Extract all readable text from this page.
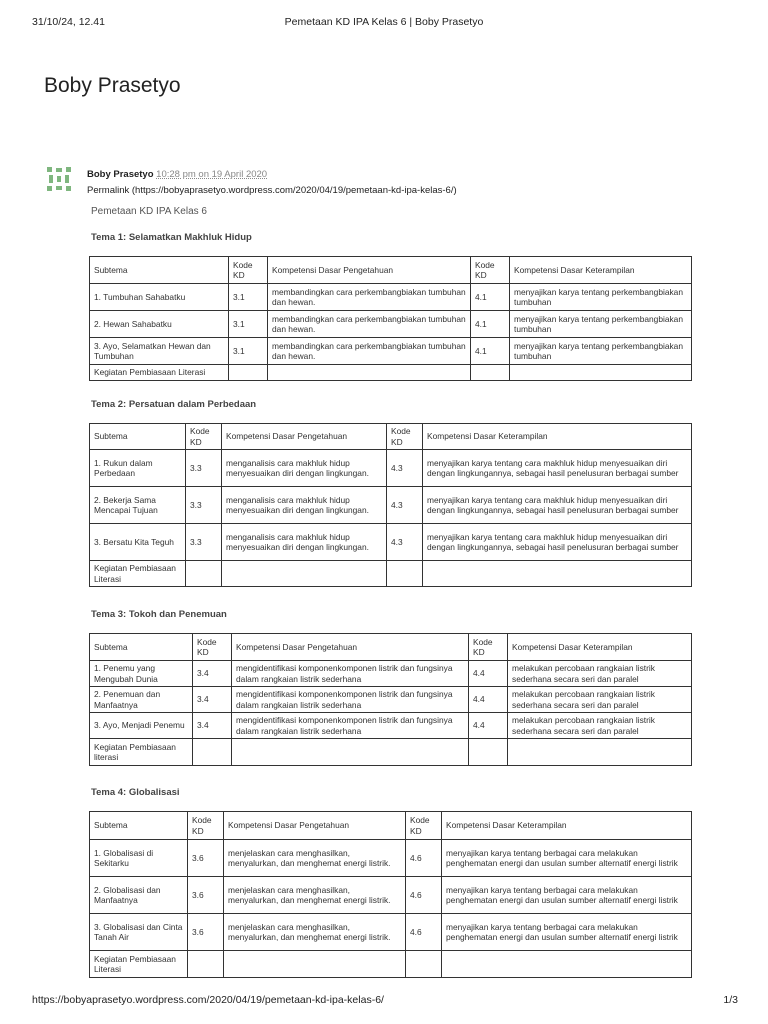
31/10/24, 12.41	Pemetaan KD IPA Kelas 6 | Boby Prasetyo
Boby Prasetyo
Boby Prasetyo 10:28 pm on 19 April 2020
Permalink (https://bobyaprasetyo.wordpress.com/2020/04/19/pemetaan-kd-ipa-kelas-6/)
Pemetaan KD IPA Kelas 6
Tema 1: Selamatkan Makhluk Hidup
Subtema	Kode KD	Kompetensi Dasar Pengetahuan	Kode KD	Kompetensi Dasar Keterampilan
1. Tumbuhan Sahabatku	3.1	membandingkan cara perkembangbiakan tumbuhan dan hewan.	4.1	menyajikan karya tentang perkembangbiakan tumbuhan
2. Hewan Sahabatku	3.1	membandingkan cara perkembangbiakan tumbuhan dan hewan.	4.1	menyajikan karya tentang perkembangbiakan tumbuhan
3. Ayo, Selamatkan Hewan dan Tumbuhan	3.1	membandingkan cara perkembangbiakan tumbuhan dan hewan.	4.1	menyajikan karya tentang perkembangbiakan tumbuhan
Kegiatan Pembiasaan Literasi				
Tema 2: Persatuan dalam Perbedaan
Subtema	Kode KD	Kompetensi Dasar Pengetahuan	Kode KD	Kompetensi Dasar Keterampilan
1. Rukun dalam Perbedaan	3.3	menganalisis cara makhluk hidup menyesuaikan diri dengan lingkungan.	4.3	menyajikan karya tentang cara makhluk hidup menyesuaikan diri dengan lingkungannya, sebagai hasil penelusuran berbagai sumber
2. Bekerja Sama Mencapai Tujuan	3.3	menganalisis cara makhluk hidup menyesuaikan diri dengan lingkungan.	4.3	menyajikan karya tentang cara makhluk hidup menyesuaikan diri dengan lingkungannya, sebagai hasil penelusuran berbagai sumber
3. Bersatu Kita Teguh	3.3	menganalisis cara makhluk hidup menyesuaikan diri dengan lingkungan.	4.3	menyajikan karya tentang cara makhluk hidup menyesuaikan diri dengan lingkungannya, sebagai hasil penelusuran berbagai sumber
Kegiatan Pembiasaan Literasi				
Tema 3: Tokoh dan Penemuan
Subtema	Kode KD	Kompetensi Dasar Pengetahuan	Kode KD	Kompetensi Dasar Keterampilan
1. Penemu yang Mengubah Dunia	3.4	mengidentifikasi komponenkomponen listrik dan fungsinya dalam rangkaian listrik sederhana	4.4	melakukan percobaan rangkaian listrik sederhana secara seri dan paralel
2. Penemuan dan Manfaatnya	3.4	mengidentifikasi komponenkomponen listrik dan fungsinya dalam rangkaian listrik sederhana	4.4	melakukan percobaan rangkaian listrik sederhana secara seri dan paralel
3. Ayo, Menjadi Penemu	3.4	mengidentifikasi komponenkomponen listrik dan fungsinya dalam rangkaian listrik sederhana	4.4	melakukan percobaan rangkaian listrik sederhana secara seri dan paralel
Kegiatan Pembiasaan literasi				
Tema 4: Globalisasi
Subtema	Kode KD	Kompetensi Dasar Pengetahuan	Kode KD	Kompetensi Dasar Keterampilan
1. Globalisasi di Sekitarku	3.6	menjelaskan cara menghasilkan, menyalurkan, dan menghemat energi listrik.	4.6	menyajikan karya tentang berbagai cara melakukan penghematan energi dan usulan sumber alternatif energi listrik
2. Globalisasi dan Manfaatnya	3.6	menjelaskan cara menghasilkan, menyalurkan, dan menghemat energi listrik.	4.6	menyajikan karya tentang berbagai cara melakukan penghematan energi dan usulan sumber alternatif energi listrik
3. Globalisasi dan Cinta Tanah Air	3.6	menjelaskan cara menghasilkan, menyalurkan, dan menghemat energi listrik.	4.6	menyajikan karya tentang berbagai cara melakukan penghematan energi dan usulan sumber alternatif energi listrik
Kegiatan Pembiasaan Literasi				
https://bobyaprasetyo.wordpress.com/2020/04/19/pemetaan-kd-ipa-kelas-6/	1/3
